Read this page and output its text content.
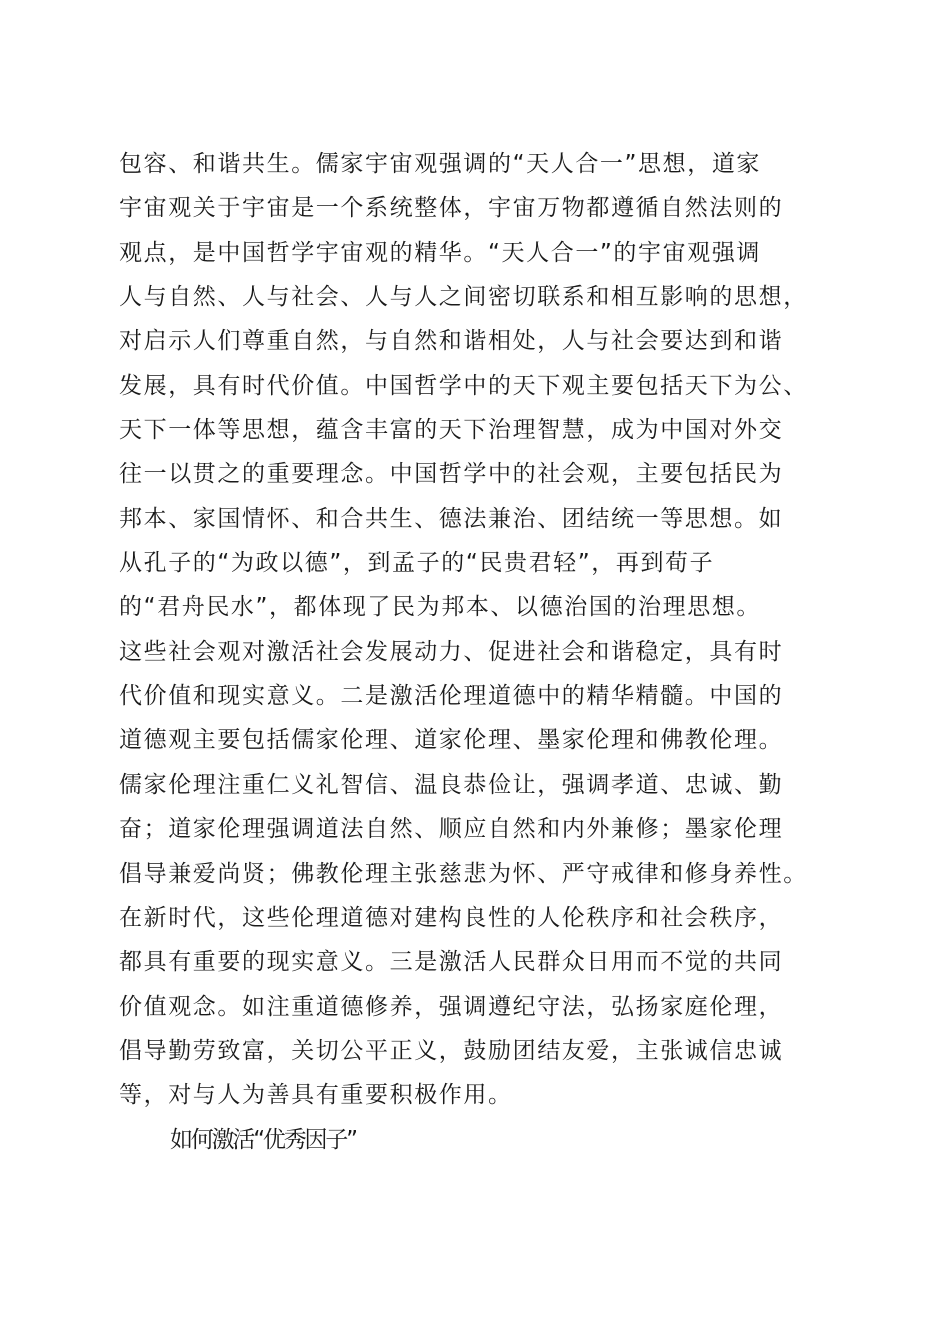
包容、和谐共生。儒家宇宙观强调的“天人合一”思想，道家
宇宙观关于宇宙是一个系统整体，宇宙万物都遵循自然法则的
观点，是中国哲学宇宙观的精华。“天人合一”的宇宙观强调
人与自然、人与社会、人与人之间密切联系和相互影响的思想，
对启示人们尊重自然，与自然和谐相处，人与社会要达到和谐
发展，具有时代价值。中国哲学中的天下观主要包括天下为公、
天下一体等思想，蕴含丰富的天下治理智慧，成为中国对外交
往一以贯之的重要理念。中国哲学中的社会观，主要包括民为
邦本、家国情怀、和合共生、德法兼治、团结统一等思想。如
从孔子的“为政以德”，到孟子的“民贵君轻”，再到荀子
的“君舟民水”，都体现了民为邦本、以德治国的治理思想。
这些社会观对激活社会发展动力、促进社会和谐稳定，具有时
代价值和现实意义。二是激活伦理道德中的精华精髓。中国的
道德观主要包括儒家伦理、道家伦理、墨家伦理和佛教伦理。
儒家伦理注重仁义礼智信、温良恭俭让，强调孝道、忠诚、勤
奋；道家伦理强调道法自然、顺应自然和内外兼修；墨家伦理
倡导兼爱尚贤；佛教伦理主张慈悲为怀、严守戒律和修身养性。
在新时代，这些伦理道德对建构良性的人伦秩序和社会秩序，
都具有重要的现实意义。三是激活人民群众日用而不觉的共同
价值观念。如注重道德修养，强调遵纪守法，弘扬家庭伦理，
倡导勤劳致富，关切公平正义，鼓励团结友爱，主张诚信忠诚
等，对与人为善具有重要积极作用。
如何激活“优秀因子”
